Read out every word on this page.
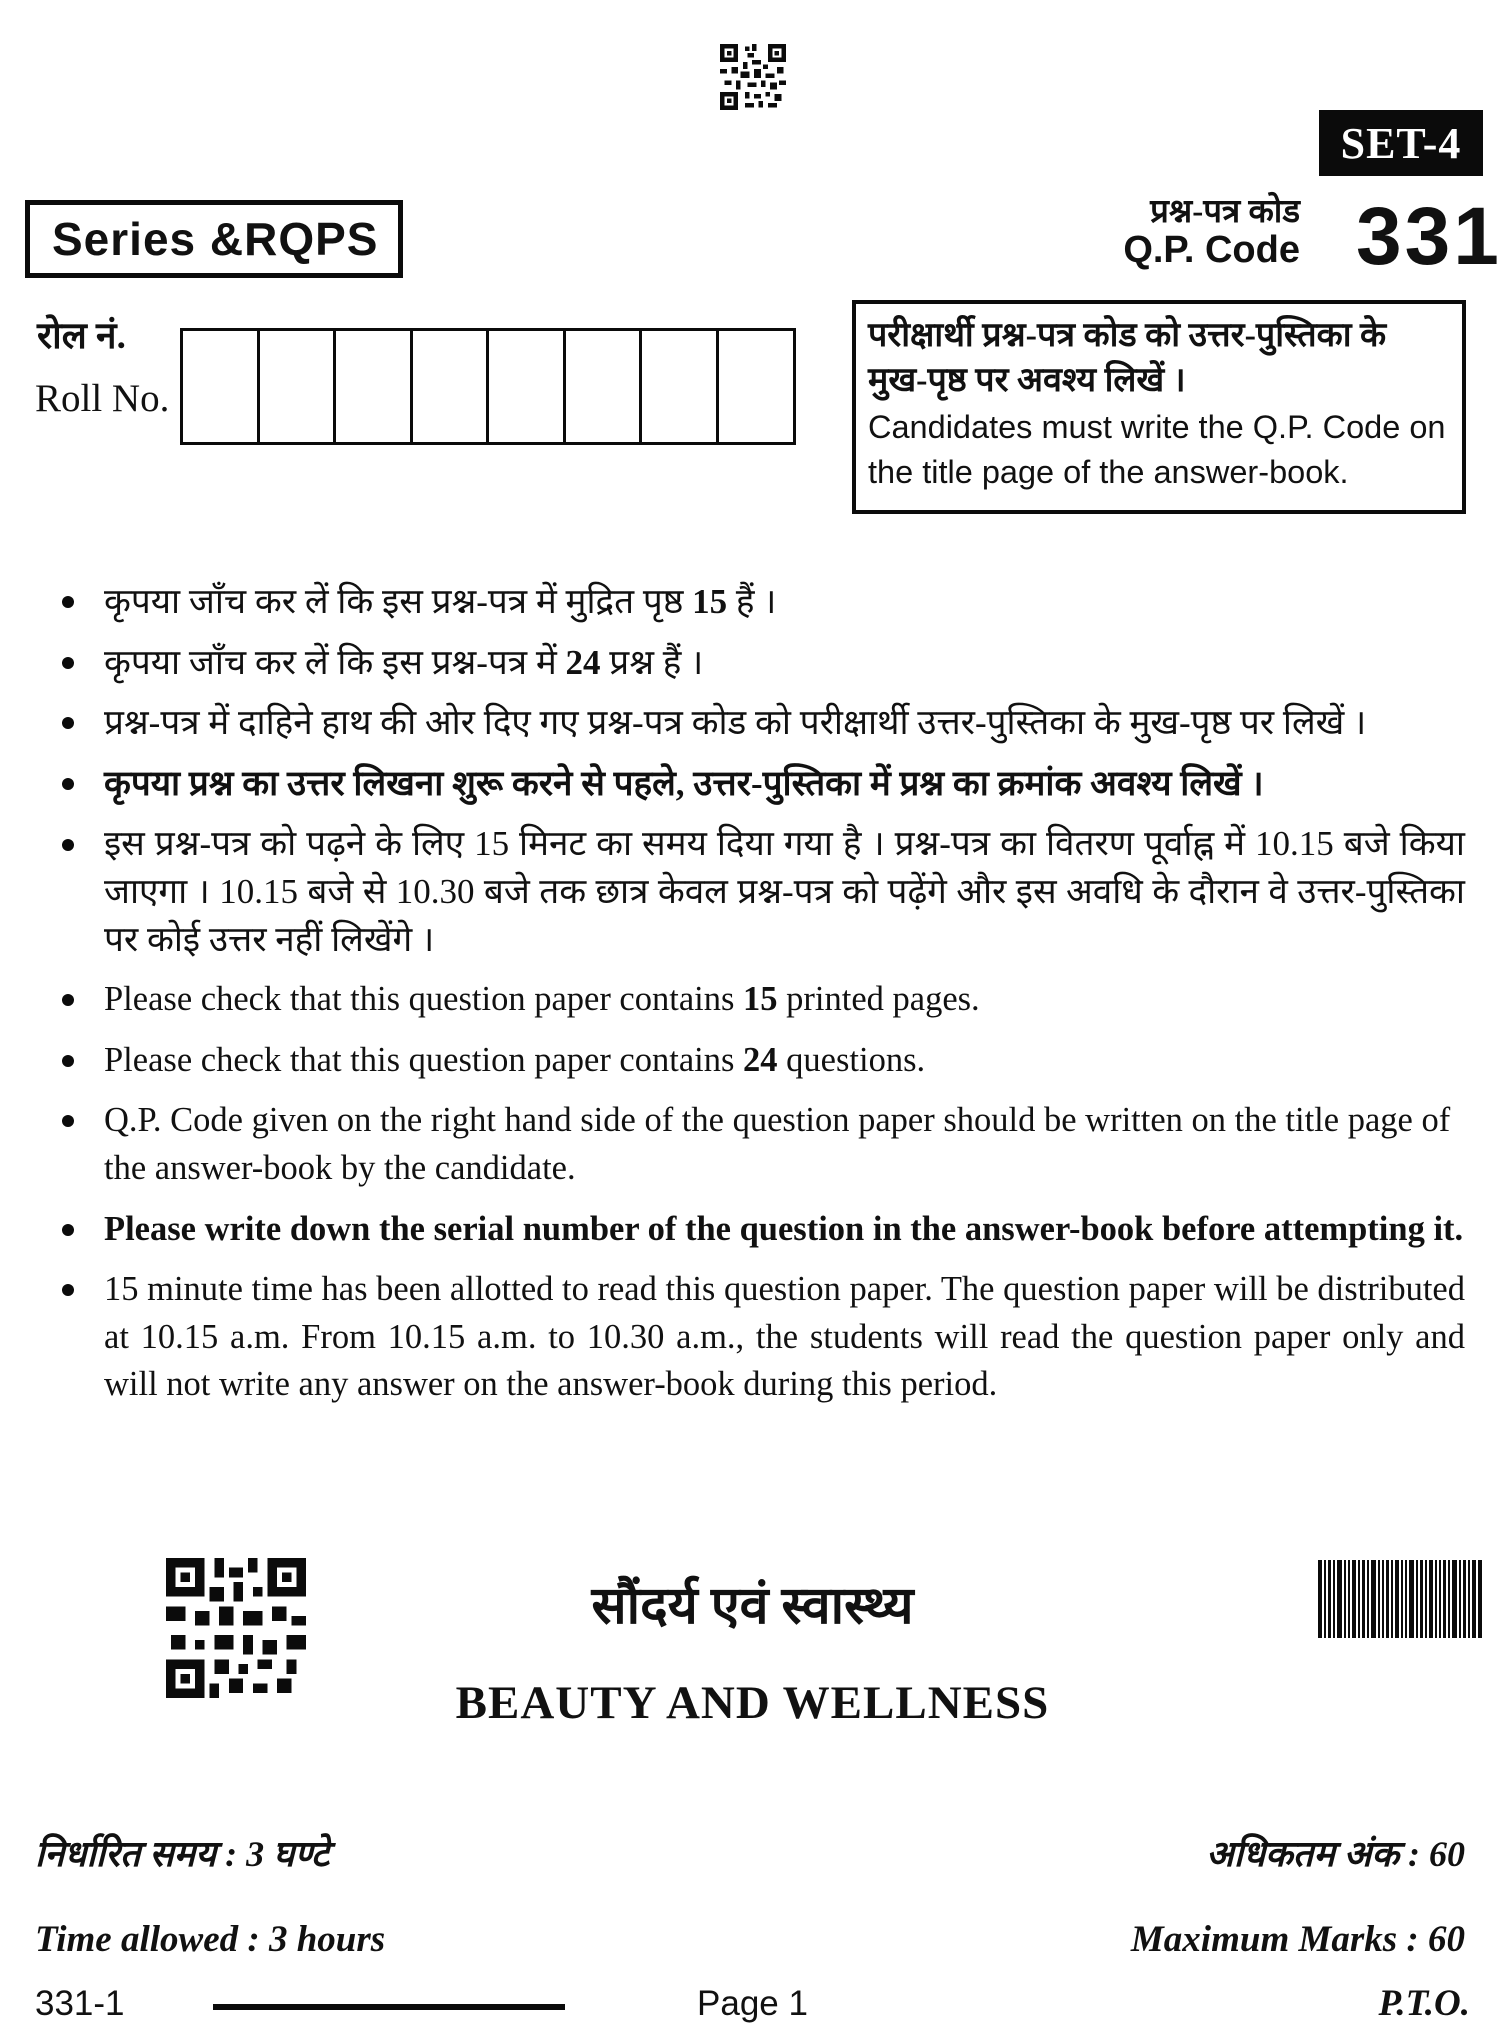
SET-4
Series &RQPS
प्रश्न-पत्र कोड
Q.P. Code 331
रोल नं.
Roll No.
परीक्षार्थी प्रश्न-पत्र कोड को उत्तर-पुस्तिका के
मुख-पृष्ठ पर अवश्य लिखें ।
Candidates must write the Q.P. Code on
the title page of the answer-book.
कृपया जाँच कर लें कि इस प्रश्न-पत्र में मुद्रित पृष्ठ 15 हैं ।
कृपया जाँच कर लें कि इस प्रश्न-पत्र में 24 प्रश्न हैं ।
प्रश्न-पत्र में दाहिने हाथ की ओर दिए गए प्रश्न-पत्र कोड को परीक्षार्थी उत्तर-पुस्तिका के मुख-पृष्ठ पर लिखें ।
कृपया प्रश्न का उत्तर लिखना शुरू करने से पहले, उत्तर-पुस्तिका में प्रश्न का क्रमांक अवश्य लिखें ।
इस प्रश्न-पत्र को पढ़ने के लिए 15 मिनट का समय दिया गया है । प्रश्न-पत्र का वितरण पूर्वाह्न में 10.15 बजे किया जाएगा । 10.15 बजे से 10.30 बजे तक छात्र केवल प्रश्न-पत्र को पढ़ेंगे और इस अवधि के दौरान वे उत्तर-पुस्तिका पर कोई उत्तर नहीं लिखेंगे ।
Please check that this question paper contains 15 printed pages.
Please check that this question paper contains 24 questions.
Q.P. Code given on the right hand side of the question paper should be written on the title page of the answer-book by the candidate.
Please write down the serial number of the question in the answer-book before attempting it.
15 minute time has been allotted to read this question paper. The question paper will be distributed at 10.15 a.m. From 10.15 a.m. to 10.30 a.m., the students will read the question paper only and will not write any answer on the answer-book during this period.
सौंदर्य एवं स्वास्थ्य
BEAUTY AND WELLNESS
निर्धारित समय : 3 घण्टे	अधिकतम अंक : 60
Time allowed : 3 hours	Maximum Marks : 60
331-1	Page 1	P.T.O.
